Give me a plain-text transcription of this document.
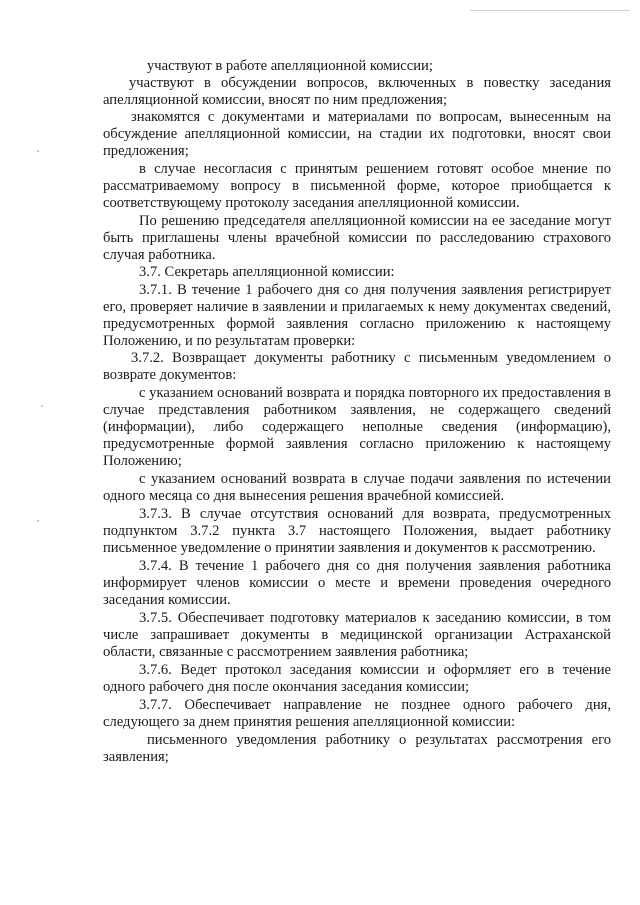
участвуют в работе апелляционной комиссии;

участвуют в обсуждении вопросов, включенных в повестку заседания апелляционной комиссии, вносят по ним предложения;

знакомятся с документами и материалами по вопросам, вынесенным на обсуждение апелляционной комиссии, на стадии их подготовки, вносят свои предложения;

в случае несогласия с принятым решением готовят особое мнение по рассматриваемому вопросу в письменной форме, которое приобщается к соответствующему протоколу заседания апелляционной комиссии.

По решению председателя апелляционной комиссии на ее заседание могут быть приглашены члены врачебной комиссии по расследованию страхового случая работника.

3.7. Секретарь апелляционной комиссии:

3.7.1. В течение 1 рабочего дня со дня получения заявления регистрирует его, проверяет наличие в заявлении и прилагаемых к нему документах сведений, предусмотренных формой заявления согласно приложению к настоящему Положению, и по результатам проверки:

3.7.2. Возвращает документы работнику с письменным уведомлением о возврате документов:

с указанием оснований возврата и порядка повторного их предоставления в случае представления работником заявления, не содержащего сведений (информации), либо содержащего неполные сведения (информацию), предусмотренные формой заявления согласно приложению к настоящему Положению;

с указанием оснований возврата в случае подачи заявления по истечении одного месяца со дня вынесения решения врачебной комиссией.

3.7.3. В случае отсутствия оснований для возврата, предусмотренных подпунктом 3.7.2 пункта 3.7 настоящего Положения, выдает работнику письменное уведомление о принятии заявления и документов к рассмотрению.

3.7.4. В течение 1 рабочего дня со дня получения заявления работника информирует членов комиссии о месте и времени проведения очередного заседания комиссии.

3.7.5. Обеспечивает подготовку материалов к заседанию комиссии, в том числе запрашивает документы в медицинской организации Астраханской области, связанные с рассмотрением заявления работника;

3.7.6. Ведет протокол заседания комиссии и оформляет его в течение одного рабочего дня после окончания заседания комиссии;

3.7.7. Обеспечивает направление не позднее одного рабочего дня, следующего за днем принятия решения апелляционной комиссии:

письменного уведомления работнику о результатах рассмотрения его заявления;
